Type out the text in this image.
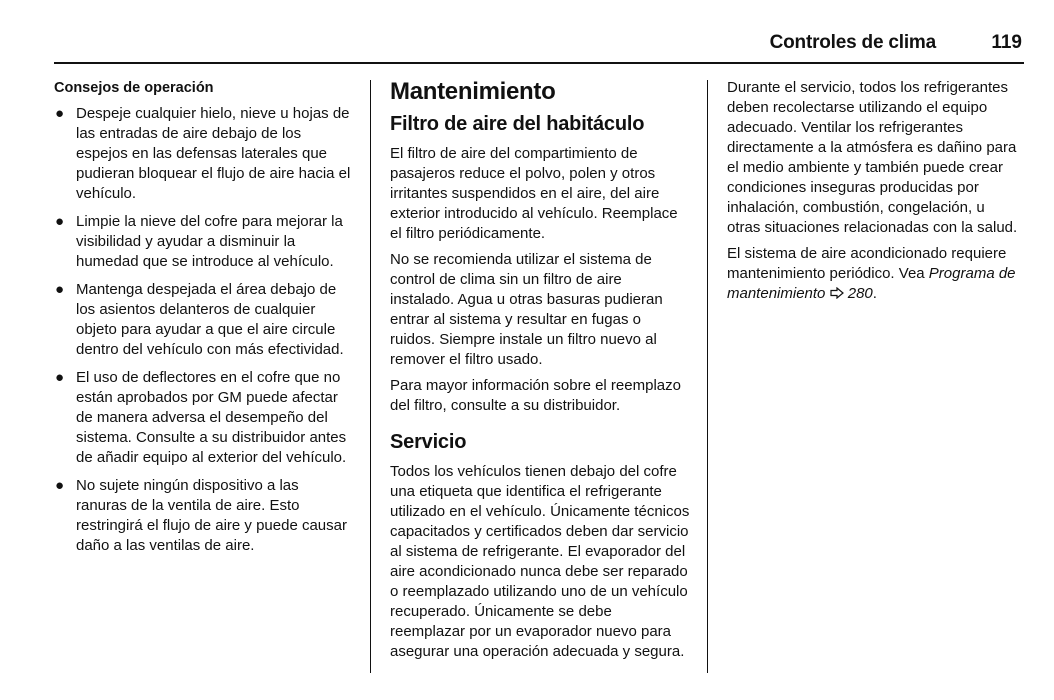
Controles de clima	119
Consejos de operación
● Despeje cualquier hielo, nieve u hojas de las entradas de aire debajo de los espejos en las defensas laterales que pudieran bloquear el flujo de aire hacia el vehículo.
● Limpie la nieve del cofre para mejorar la visibilidad y ayudar a disminuir la humedad que se introduce al vehículo.
● Mantenga despejada el área debajo de los asientos delanteros de cualquier objeto para ayudar a que el aire circule dentro del vehículo con más efectividad.
● El uso de deflectores en el cofre que no están aprobados por GM puede afectar de manera adversa el desempeño del sistema. Consulte a su distribuidor antes de añadir equipo al exterior del vehículo.
● No sujete ningún dispositivo a las ranuras de la ventila de aire. Esto restringirá el flujo de aire y puede causar daño a las ventilas de aire.
Mantenimiento
Filtro de aire del habitáculo

El filtro de aire del compartimiento de pasajeros reduce el polvo, polen y otros irritantes suspendidos en el aire, del aire exterior introducido al vehículo. Reemplace el filtro periódicamente.

No se recomienda utilizar el sistema de control de clima sin un filtro de aire instalado. Agua u otras basuras pudieran entrar al sistema y resultar en fugas o ruidos. Siempre instale un filtro nuevo al remover el filtro usado.

Para mayor información sobre el reemplazo del filtro, consulte a su distribuidor.

Servicio

Todos los vehículos tienen debajo del cofre una etiqueta que identifica el refrigerante utilizado en el vehículo. Únicamente técnicos capacitados y certificados deben dar servicio al sistema de refrigerante. El evaporador del aire acondicionado nunca debe ser reparado o reemplazado utilizando uno de un vehículo recuperado. Únicamente se debe reemplazar por un evaporador nuevo para asegurar una operación adecuada y segura.

Durante el servicio, todos los refrigerantes deben recolectarse utilizando el equipo adecuado. Ventilar los refrigerantes directamente a la atmósfera es dañino para el medio ambiente y también puede crear condiciones inseguras producidas por inhalación, combustión, congelación, u otras situaciones relacionadas con la salud.

El sistema de aire acondicionado requiere mantenimiento periódico. Vea Programa de mantenimiento 280.
